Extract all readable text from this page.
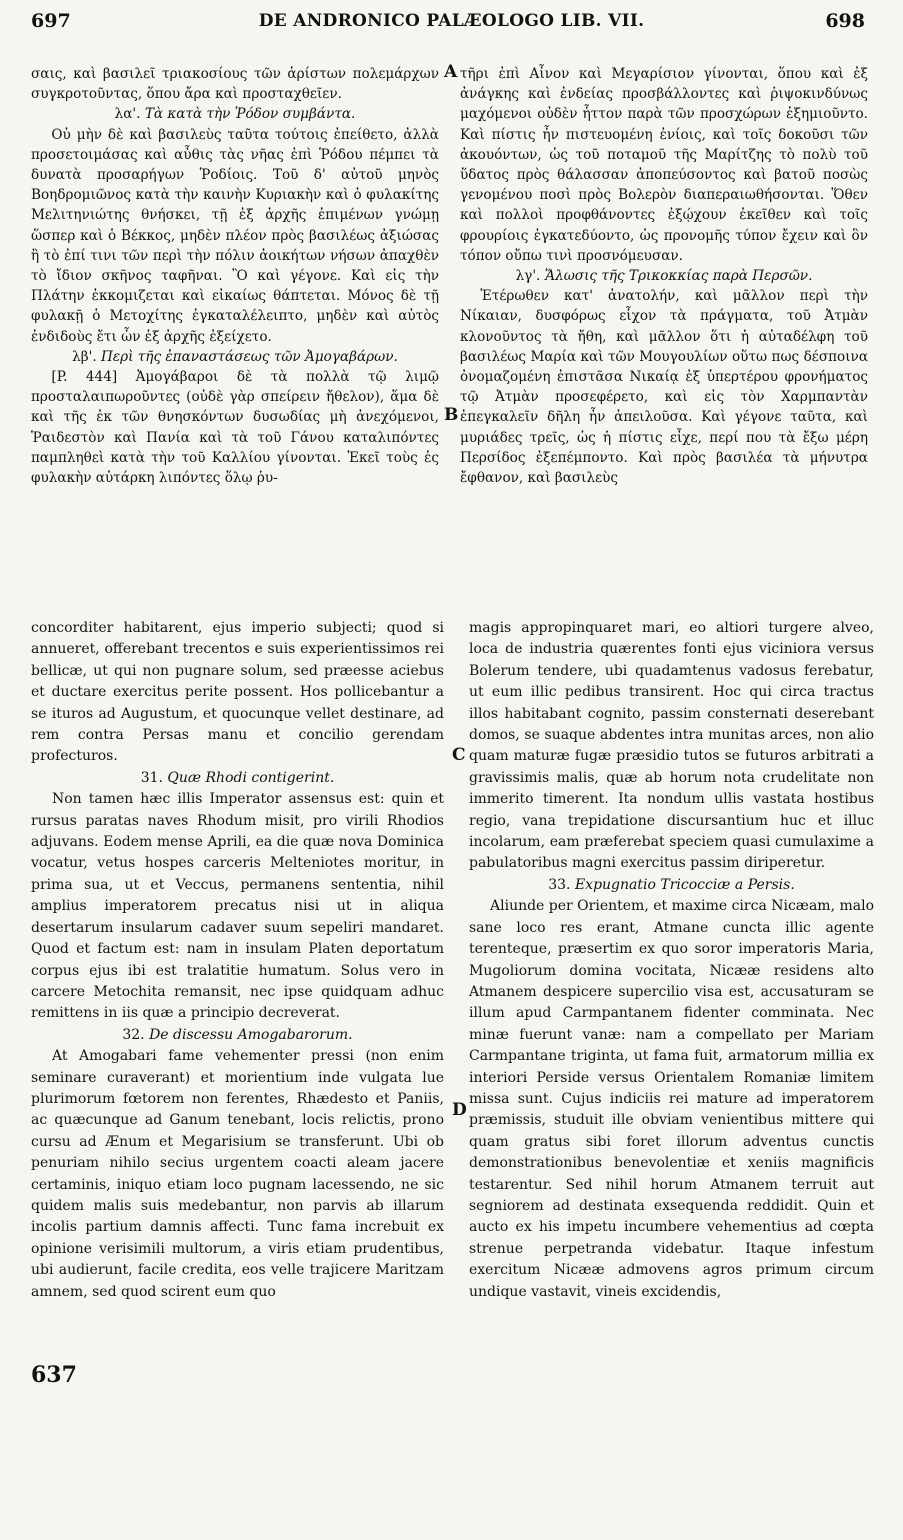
697	DE ANDRONICO PALÆOLOGO LIB. VII.	698

σαις, καὶ βασιλεῖ τριακοσίους τῶν ἀρίστων πολεμάρχων συγκροτοῦντας, ὅπου ἄρα καὶ προσταχθεῖεν.

λα'. Τὰ κατὰ τὴν Ῥόδον συμβάντα.

Οὐ μὴν δὲ καὶ βασιλεὺς ταῦτα τούτοις ἐπείθετο, ἀλλὰ προσετοιμάσας καὶ αὖθις τὰς νῆας ἐπὶ Ῥόδου πέμπει τὰ δυνατὰ προσαρήγων Ῥοδίοις. Τοῦ δ' αὐτοῦ μηνὸς Βοηδρομιῶνος κατὰ τὴν καινὴν Κυριακὴν καὶ ὁ φυλακίτης Μελιτηνιώτης θνήσκει, τῇ ἐξ ἀρχῆς ἐπιμένων γνώμῃ ὥσπερ καὶ ὁ Βέκκος, μηδὲν πλέον πρὸς βασιλέως ἀξιώσας ἢ τὸ ἐπί τινι τῶν περὶ τὴν πόλιν ἀοικήτων νήσων ἀπαχθὲν τὸ ἴδιον σκῆνος ταφῆναι. Ὃ καὶ γέγονε. Καὶ εἰς τὴν Πλάτην ἐκκομιζεται καὶ εἰκαίως θάπτεται. Μόνος δὲ τῇ φυλακῇ ὁ Μετοχίτης ἐγκαταλέλειπτο, μηδὲν καὶ αὐτὸς ἐνδιδοὺς ἔτι ὧν ἐξ ἀρχῆς ἐξείχετο.

λβ'. Περὶ τῆς ἐπαναστάσεως τῶν Ἀμογαβάρων.

[P. 444] Ἀμογάβαροι δὲ τὰ πολλὰ τῷ λιμῷ προσταλαιπωροῦντες (οὐδὲ γὰρ σπείρειν ἤθελον), ἅμα δὲ καὶ τῆς ἐκ τῶν θνησκόντων δυσωδίας μὴ ἀνεχόμενοι, Ῥαιδεστὸν καὶ Πανία καὶ τὰ τοῦ Γάνου καταλιπόντες παμπληθεὶ κατὰ τὴν τοῦ Καλλίου γίνονται. Ἐκεῖ τοὺς ἐς φυλακὴν αὐτάρκη λιπόντες ὅλῳ ῥυ-

τῆρι ἐπὶ Αἶνον καὶ Μεγαρίσιον γίνονται, ὅπου καὶ ἐξ ἀνάγκης καὶ ἐνδείας προσβάλλοντες καὶ ῥιψοκινδύνως μαχόμενοι οὐδὲν ἧττον παρὰ τῶν προσχώρων ἐξημιοῦντο. Καὶ πίστις ἦν πιστευομένη ἐνίοις, καὶ τοῖς δοκοῦσι τῶν ἀκουόντων, ὡς τοῦ ποταμοῦ τῆς Μαρίτζης τὸ πολὺ τοῦ ὕδατος πρὸς θάλασσαν ἀποπεύσοντος καὶ βατοῦ ποσὼς γενομένου ποσὶ πρὸς Βολερὸν διαπεραιωθήσονται. Ὅθεν καὶ πολλοὶ προφθάνοντες ἐξῴχουν ἐκεῖθεν καὶ τοῖς φρουρίοις ἐγκατεδύοντο, ὡς προνομῆς τύπον ἔχειν καὶ ὃν τόπον οὔπω τινὶ προσνόμευσαν.

λγ'. Ἅλωσις τῆς Τρικοκκίας παρὰ Περσῶν.

Ἑτέρωθεν κατ' ἀνατολήν, καὶ μᾶλλον περὶ τὴν Νίκαιαν, δυσφόρως εἶχον τὰ πράγματα, τοῦ Ἀτμὰν κλονοῦντος τὰ ἤθη, καὶ μᾶλλον ὅτι ἡ αὐταδέλφη τοῦ βασιλέως Μαρία καὶ τῶν Μουγουλίων οὕτω πως δέσποινα ὀνομαζομένη ἐπιστᾶσα Νικαίᾳ ἐξ ὑπερτέρου φρονήματος τῷ Ἀτμὰν προσεφέρετο, καὶ εἰς τὸν Χαρμπαντὰν ἐπεγκαλεῖν δῆλη ἦν ἀπειλοῦσα. Καὶ γέγονε ταῦτα, καὶ μυριάδες τρεῖς, ὡς ἡ πίστις εἶχε, περί που τὰ ἔξω μέρη Περσίδος ἐξεπέμποντο. Καὶ πρὸς βασιλέα τὰ μήνυτρα ἔφθανον, καὶ βασιλεὺς

concorditer habitarent, ejus imperio subjecti; quod si annueret, offerebant trecentos e suis experientissimos rei bellicæ, ut qui non pugnare solum, sed præesse aciebus et ductare exercitus perite possent. Hos pollicebantur a se ituros ad Augustum, et quocunque vellet destinare, ad rem contra Persas manu et concilio gerendam profecturos.

31. Quæ Rhodi contigerint.

Non tamen hæc illis Imperator assensus est: quin et rursus paratas naves Rhodum misit, pro virili Rhodios adjuvans. Eodem mense Aprili, ea die quæ nova Dominica vocatur, vetus hospes carceris Melteniotes moritur, in prima sua, ut et Veccus, permanens sententia, nihil amplius imperatorem precatus nisi ut in aliqua desertarum insularum cadaver suum sepeliri mandaret. Quod et factum est: nam in insulam Platen deportatum corpus ejus ibi est tralatitie humatum. Solus vero in carcere Metochita remansit, nec ipse quidquam adhuc remittens in iis quæ a principio decreverat.

32. De discessu Amogabarorum.

At Amogabari fame vehementer pressi (non enim seminare curaverant) et morientium inde vulgata lue plurimorum fœtorem non ferentes, Rhædesto et Paniis, ac quæcunque ad Ganum tenebant, locis relictis, prono cursu ad Ænum et Megarisium se transferunt. Ubi ob penuriam nihilo secius urgentem coacti aleam jacere certaminis, iniquo etiam loco pugnam lacessendo, ne sic quidem malis suis medebantur, non parvis ab illarum incolis partium damnis affecti. Tunc fama increbuit ex opinione verisimili multorum, a viris etiam prudentibus, ubi audierunt, facile credita, eos velle trajicere Maritzam amnem, sed quod scirent eum quo

magis appropinquaret mari, eo altiori turgere alveo, loca de industria quærentes fonti ejus viciniora versus Bolerum tendere, ubi quadamtenus vadosus ferebatur, ut eum illic pedibus transirent. Hoc qui circa tractus illos habitabant cognito, passim consternati deserebant domos, se suaque abdentes intra munitas arces, non alio quam maturæ fugæ præsidio tutos se futuros arbitrati a gravissimis malis, quæ ab horum nota crudelitate non immerito timerent. Ita nondum ullis vastata hostibus regio, vana trepidatione discursantium huc et illuc incolarum, eam præferebat speciem quasi cumulaxime a pabulatoribus magni exercitus passim diriperetur.

33. Expugnatio Tricocciæ a Persis.

Aliunde per Orientem, et maxime circa Nicæam, malo sane loco res erant, Atmane cuncta illic agente terenteque, præsertim ex quo soror imperatoris Maria, Mugoliorum domina vocitata, Nicææ residens alto Atmanem despicere supercilio visa est, accusaturam se illum apud Carmpantanem fidenter comminata. Nec minæ fuerunt vanæ: nam a compellato per Mariam Carmpantane triginta, ut fama fuit, armatorum millia ex interiori Perside versus Orientalem Romaniæ limitem missa sunt. Cujus indiciis rei mature ad imperatorem præmissis, studuit ille obviam venientibus mittere qui quam gratus sibi foret illorum adventus cunctis demonstrationibus benevolentiæ et xeniis magnificis testarentur. Sed nihil horum Atmanem terruit aut segniorem ad destinata exsequenda reddidit. Quin et aucto ex his impetu incumbere vehementius ad cœpta strenue perpetranda videbatur. Itaque infestum exercitum Nicææ admovens agros primum circum undique vastavit, vineis excidendis,

A
B
C
D
637
